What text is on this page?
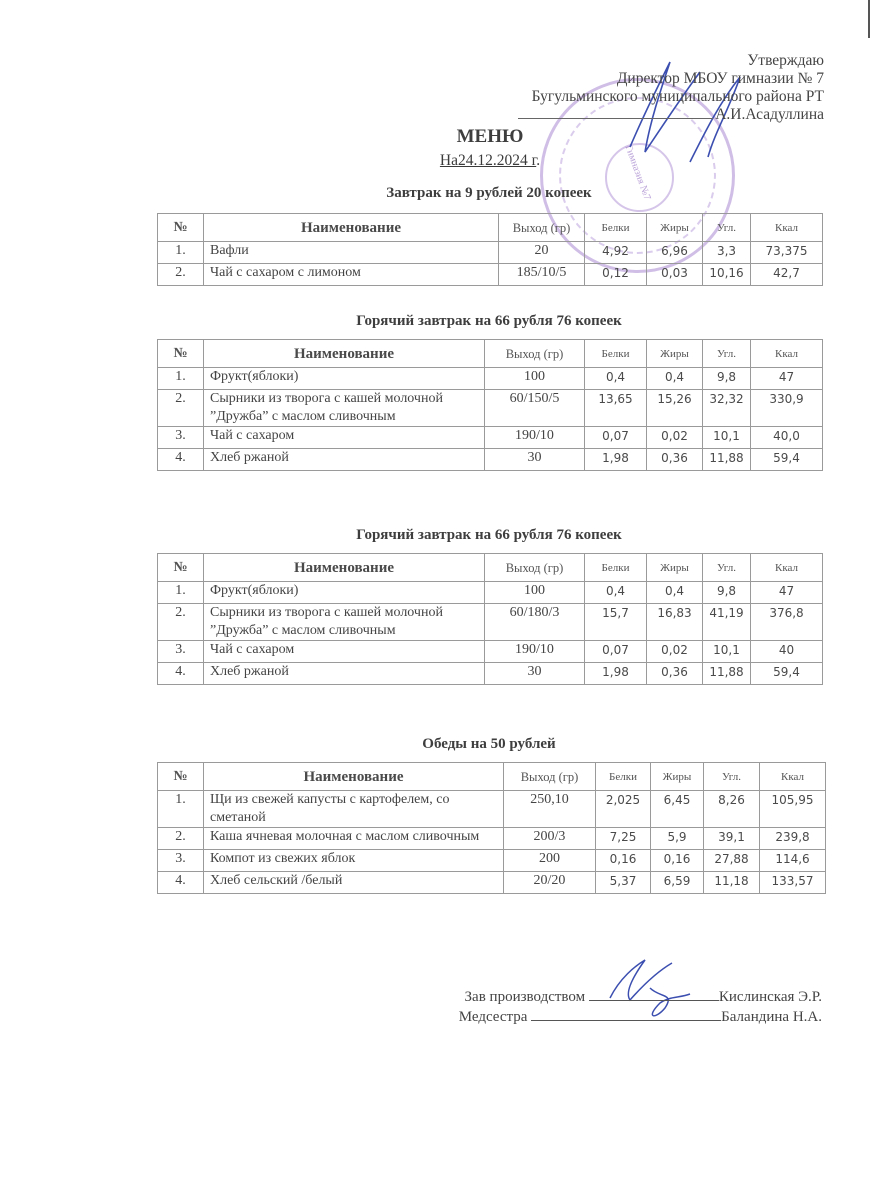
Гимназия №7
Утверждаю
Директор МБОУ гимназии № 7
Бугульминского муниципального района РТ
А.И.Асадуллина
МЕНЮ
На24.12.2024 г.
Завтрак на 9 рублей 20 копеек
№	Наименование	Выход (гр)	Белки	Жиры	Угл.	Ккал
1.	Вафли	20	4,92	6,96	3,3	73,375
2.	Чай с сахаром с лимоном	185/10/5	0,12	0,03	10,16	42,7
Горячий завтрак на 66 рубля 76 копеек
№	Наименование	Выход (гр)	Белки	Жиры	Угл.	Ккал
1.	Фрукт(яблоки)	100	0,4	0,4	9,8	47
2.	Сырники из творога с кашей молочной ”Дружба” с маслом сливочным	60/150/5	13,65	15,26	32,32	330,9
3.	Чай с сахаром	190/10	0,07	0,02	10,1	40,0
4.	Хлеб ржаной	30	1,98	0,36	11,88	59,4
Горячий завтрак на 66 рубля 76 копеек
№	Наименование	Выход (гр)	Белки	Жиры	Угл.	Ккал
1.	Фрукт(яблоки)	100	0,4	0,4	9,8	47
2.	Сырники из творога с кашей молочной ”Дружба” с маслом сливочным	60/180/3	15,7	16,83	41,19	376,8
3.	Чай с сахаром	190/10	0,07	0,02	10,1	40
4.	Хлеб ржаной	30	1,98	0,36	11,88	59,4
Обеды на 50 рублей
№	Наименование	Выход (гр)	Белки	Жиры	Угл.	Ккал
1.	Щи из свежей капусты с картофелем, со сметаной	250,10	2,025	6,45	8,26	105,95
2.	Каша ячневая молочная с маслом сливочным	200/3	7,25	5,9	39,1	239,8
3.	Компот из свежих яблок	200	0,16	0,16	27,88	114,6
4.	Хлеб сельский /белый	20/20	5,37	6,59	11,18	133,57
Зав производством	Кислинская Э.Р.
Медсестра	Баландина Н.А.
